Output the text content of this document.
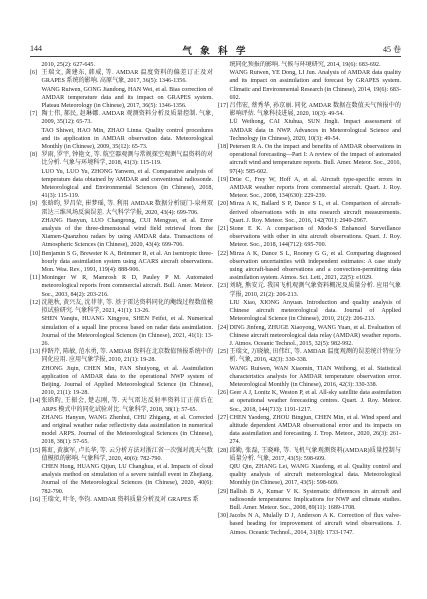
144	气 象 科 学	45 卷

2010, 25(2): 627-645.

[6] 王瑞文, 龚建东, 韩威, 等. AMDAR 温度资料的偏差订正及对 GRAPES 系统的影响. 高原气象, 2017, 36(5): 1346-1356.

WANG Ruiwen, GONG Jiandong, HAN Wei, et al. Bias correction of AMDAR temperature data and its impact on GRAPES system. Plateau Meteorology (in Chinese), 2017, 36(5): 1346-1356.

[7] 陶士伟, 郝民, 赵琳娜. AMDAR 观测资料分析及质量控制. 气象, 2009, 35(12): 65-73.

TAO Shiwei, HAO Min, ZHAO Linna. Quality control procedures and its application in AMDAR observation data. Meteorological Monthly (in Chinese), 2009, 35(12): 65-73.

[8] 罗雨, 罗宇, 钟艳文, 等. 航空器观测与常规探空观测气温资料的对比分析. 气象与环境科学, 2018, 41(3): 115-119.

LUO Yu, LUO Yu, ZHONG Yanwen, et al. Comparative analysis of temperature data obtained by AMDAR and conventional radiosonde. Meteorological and Environmental Sciences (in Chinese), 2018, 41(3): 115-119.

[9] 张晗昀, 罗昌荣, 崔梦瑶, 等. 利用 AMDAR 数据分析厦门-泉州双雷达三维风场反演误差. 大气科学学报, 2020, 43(4): 699-706.

ZHANG Hanyun, LUO Changrong, CUI Mengyao, et al. Error analysis of the three-dimensional wind field retrieval from the Xiamen-Quanzhou radars by using AMDAR data. Transactions of Atmospheric Sciences (in Chinese), 2020, 43(4): 699-706.

[10] Benjamin S G, Brewster K A, Brümmer R, et al. An isentropic three-hourly data assimilation system using ACARS aircraft observations. Mon. Wea. Rev., 1991, 119(4): 888-906.

[11] Moninger W R, Mamrosh R D, Pauley P M. Automated meteorological reports from commercial aircraft. Bull. Amer. Meteor. Soc., 2003, 84(2): 203-216.

[12] 沈艳秋, 黄兴友, 沈菲菲, 等. 基于雷达资料同化的飑线过程数值模拟试验研究. 气象科学, 2021, 41(1): 13-26.

SHEN Yanqiu, HUANG Xingyou, SHEN Feifei, et al. Numerical simulation of a squall line process based on radar data assimilation. Journal of the Meteorological Sciences (in Chinese), 2021, 41(1): 13-26.

[13] 仲跻芹, 陈敏, 范水勇, 等. AMDAR 资料在北京数值预报系统中的同化应用. 应用气象学报, 2010, 21(1): 19-28.

ZHONG Jiqin, CHEN Min, FAN Shuiyong, et al. Assimilation application of AMDAR data to the operational NWP system of Beijing. Journal of Applied Meteorological Science (in Chinese), 2010, 21(1): 19-28.

[14] 张晗昀, 王振会, 楚志刚, 等. 天气雷达反射率资料订正前后在 ARPS 模式中的同化试验对比. 气象科学, 2018, 38(1): 57-65.

ZHANG Hanyun, WANG Zhenhui, CHU Zhigang, et al. Corrected and original weather radar reflectivity data assimilation in numerical model ARPS. Journal of the Meteorological Sciences (in Chinese), 2018, 38(1): 57-65.

[15] 陈虹, 黄旗军, 卢长华, 等. 云分析方法对浙江省一次强对流天气数值模拟的影响. 气象科学, 2020, 40(6): 782-790.

CHEN Hong, HUANG Qijun, LU Changhua, et al. Impacts of cloud analysis method on simulation of a severe rainfall event in Zhejiang. Journal of the Meteorological Sciences (in Chinese), 2020, 40(6): 782-790.

[16] 王瑞文, 叶冬, 李钧. AMDAR 资料质量分析及对 GRAPES 系

统同化预报的影响. 气候与环境研究, 2014, 19(6): 683-692.

WANG Ruiwen, YE Dong, LI Jun. Analysis of AMDAR data quality and its impact on assimilation and forecast by GRAPES system. Climatic and Environmental Research (in Chinese), 2014, 19(6): 683-692.

[17] 吕伟宏, 蔡秀华, 孙京丽. 同化 AMDAR 数据在数值天气预报中的影响评估. 气象科技进展, 2020, 10(3): 49-54.

LÜ Weihong, CAI Xiuhua, SUN Jingli. Impact assessment of AMDAR data in NWP. Advances in Meteorological Science and Technology (in Chinese), 2020, 10(3): 49-54.

[18] Petersen R A. On the impact and benefits of AMDAR observations in operational forecasting—Part I: A review of the impact of automated aircraft wind and temperature reports. Bull. Amer. Meteor. Soc., 2016, 97(4): 585-602.

[19] Drüe C, Frey W, Hoff A, et al. Aircraft type-specific errors in AMDAR weather reports from commercial aircraft. Quart. J. Roy. Meteor. Soc., 2008, 134(630): 229-239.

[20] Mirza A K, Ballard S P, Dance S L, et al. Comparison of aircraft-derived observations with in situ research aircraft measurements. Quart. J. Roy. Meteor. Soc., 2016, 142(701): 2949-2967.

[21] Stone E K. A comparison of Mode-S Enhanced Surveillance observations with other in situ aircraft observations. Quart. J. Roy. Meteor. Soc., 2018, 144(712): 695-700.

[22] Mirza A K, Dance S L, Rooney G G, et al. Comparing diagnosed observation uncertainties with independent estimates: A case study using aircraft-based observations and a convection-permitting data assimilation system. Atmos. Sci. Lett., 2021, 22(5): e1029.

[23] 刘晓, 熊安元. 我国飞机观测气象资料概况及质量分析. 应用气象学报, 2010, 21(2): 206-213.

LIU Xiao, XIONG Anyuan. Introduction and quality analysis of Chinese aircraft meteorological data. Journal of Applied Meteorological Science (in Chinese), 2010, 21(2): 206-213.

[24] DING Jinfeng, ZHUGE Xiaoyong, WANG Yuan, et al. Evaluation of Chinese aircraft meteorological data relay (AMDAR) weather reports. J. Atmos. Oceanic Technol., 2015, 32(5): 982-992.

[25] 王瑞文, 万晓敏, 田伟红, 等. AMDAR 温度观测的误差统计特征分析. 气象, 2016, 42(3): 330-338.

WANG Ruiwen, WAN Xiaomin, TIAN Weihong, et al. Statistical characteristics analysis for AMDAR temperature observation error. Meteorological Monthly (in Chinese), 2016, 42(3): 330-338.

[26] Geer A J, Lonitz K, Weston P, et al. All-sky satellite data assimilation at operational weather forecasting centres. Quart. J. Roy. Meteor. Soc., 2018, 144(713): 1191-1217.

[27] CHEN Yaodeng, ZHOU Bingjun, CHEN Min, et al. Wind speed and altitude dependent AMDAR observational error and its impacts on data assimilation and forecasting. J. Trop. Meteor., 2020, 26(3): 261-274.

[28] 邱勤, 张磊, 王晓峰, 等. 飞机气象观测资料(AMDAR)质量控制与质量分析. 气象, 2017, 43(5): 598-609.

QIU Qin, ZHANG Lei, WANG Xiaofeng, et al. Quality control and quality analysis of aircraft meteorological data. Meteorological Monthly (in Chinese), 2017, 43(5): 598-609.

[29] Ballish B A, Kumar V K. Systematic differences in aircraft and radiosonde temperatures: Implications for NWP and climate studies. Bull. Amer. Meteor. Soc., 2008, 89(11): 1689-1708.

[30] Jacobs N A, Mulally D J, Anderson A K. Correction of flux valve-based heading for improvement of aircraft wind observations. J. Atmos. Oceanic Technol., 2014, 31(8): 1733-1747.
